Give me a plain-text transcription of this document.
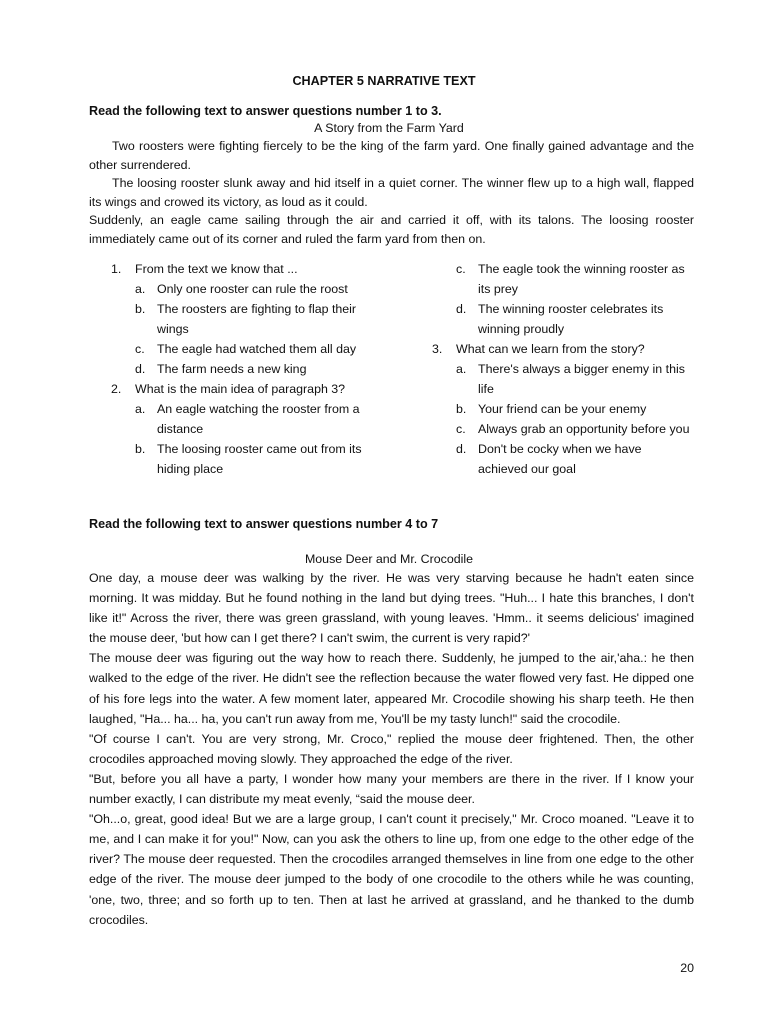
CHAPTER 5 NARRATIVE TEXT
Read the following text to answer questions number 1 to 3.
A Story from the Farm Yard

Two roosters were fighting fiercely to be the king of the farm yard. One finally gained advantage and the other surrendered.

The loosing rooster slunk away and hid itself in a quiet corner. The winner flew up to a high wall, flapped its wings and crowed its victory, as loud as it could.

Suddenly, an eagle came sailing through the air and carried it off, with its talons. The loosing rooster immediately came out of its corner and ruled the farm yard from then on.

1.	From the text we know that ...
a. Only one rooster can rule the roost
b. The roosters are fighting to flap their wings
c. The eagle had watched them all day
d. The farm needs a new king
2.	What is the main idea of paragraph 3?
a. An eagle watching the rooster from a distance
b. The loosing rooster came out from its hiding place
c. The eagle took the winning rooster as its prey
d. The winning rooster celebrates its winning proudly
3.	What can we learn from the story?
a. There's always a bigger enemy in this life
b. Your friend can be your enemy
c. Always grab an opportunity before you
d. Don't be cocky when we have achieved our goal
Read the following text to answer questions number 4 to 7
Mouse Deer and Mr. Crocodile

One day, a mouse deer was walking by the river. He was very starving because he hadn't eaten since morning. It was midday. But he found nothing in the land but dying trees. "Huh... I hate this branches, I don't like it!" Across the river, there was green grassland, with young leaves. 'Hmm.. it seems delicious' imagined the mouse deer, 'but how can I get there? I can't swim, the current is very rapid?'

The mouse deer was figuring out the way how to reach there. Suddenly, he jumped to the air,'aha.: he then walked to the edge of the river. He didn't see the reflection because the water flowed very fast. He dipped one of his fore legs into the water. A few moment later, appeared Mr. Crocodile showing his sharp teeth. He then laughed, "Ha... ha... ha, you can't run away from me, You'll be my tasty lunch!" said the crocodile.

"Of course I can't. You are very strong, Mr. Croco," replied the mouse deer frightened. Then, the other crocodiles approached moving slowly. They approached the edge of the river.

"But, before you all have a party, I wonder how many your members are there in the river. If I know your number exactly, I can distribute my meat evenly, “said the mouse deer.

"Oh...o, great, good idea! But we are a large group, I can't count it precisely," Mr. Croco moaned. "Leave it to me, and I can make it for you!" Now, can you ask the others to line up, from one edge to the other edge of the river? The mouse deer requested. Then the crocodiles arranged themselves in line from one edge to the other edge of the river. The mouse deer jumped to the body of one crocodile to the others while he was counting, 'one, two, three; and so forth up to ten. Then at last he arrived at grassland, and he thanked to the dumb crocodiles.

20
